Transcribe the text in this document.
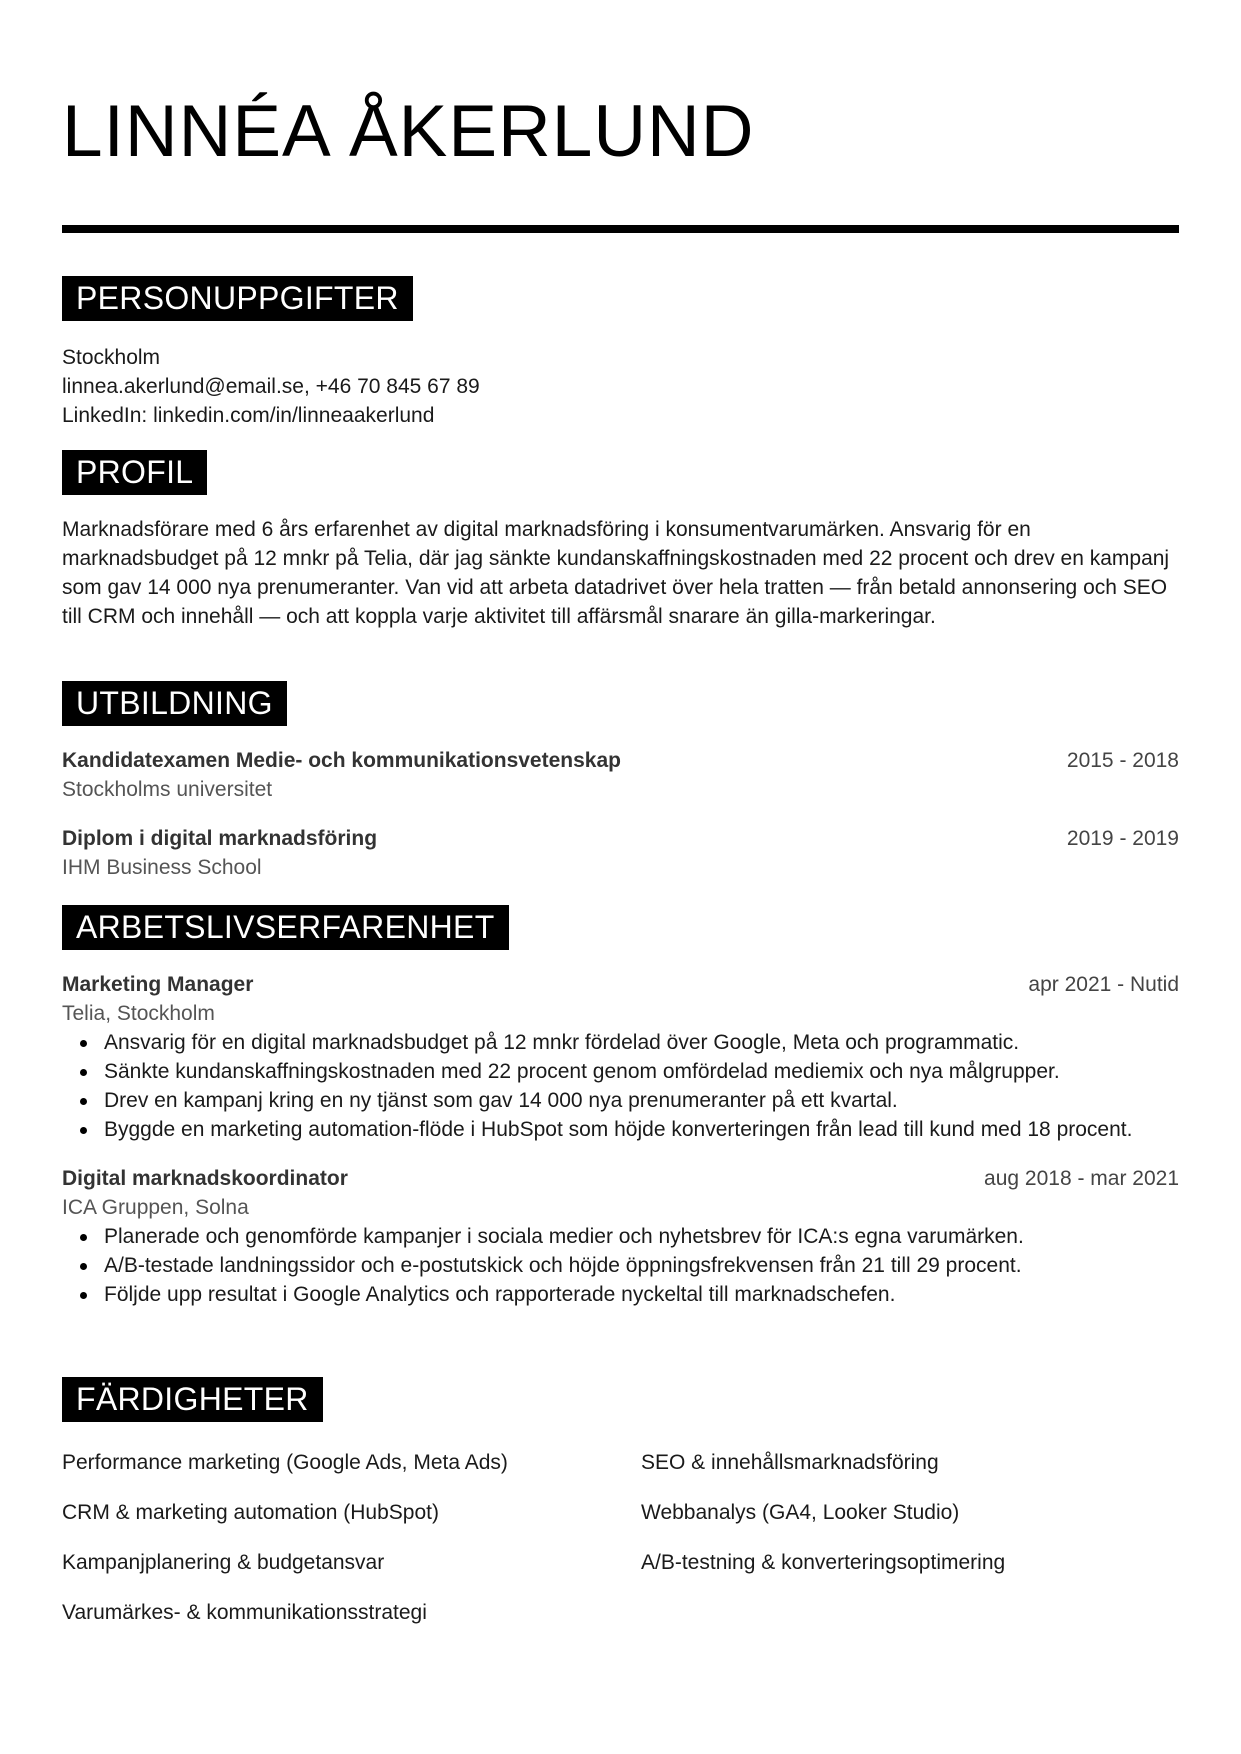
LINNÉA ÅKERLUND
PERSONUPPGIFTER

Stockholm

linnea.akerlund@email.se, +46 70 845 67 89

LinkedIn: linkedin.com/in/linneaakerlund

PROFIL

Marknadsförare med 6 års erfarenhet av digital marknadsföring i konsumentvarumärken. Ansvarig för en marknadsbudget på 12 mnkr på Telia, där jag sänkte kundanskaffningskostnaden med 22 procent och drev en kampanj som gav 14 000 nya prenumeranter. Van vid att arbeta datadrivet över hela tratten — från betald annonsering och SEO till CRM och innehåll — och att koppla varje aktivitet till affärsmål snarare än gilla-markeringar.

UTBILDNING
Kandidatexamen Medie- och kommunikationsvetenskap	2015 - 2018
Stockholms universitet
Diplom i digital marknadsföring	2019 - 2019
IHM Business School
ARBETSLIVSERFARENHET
Marketing Manager	apr 2021 - Nutid
Telia, Stockholm
Ansvarig för en digital marknadsbudget på 12 mnkr fördelad över Google, Meta och programmatic.
Sänkte kundanskaffningskostnaden med 22 procent genom omfördelad mediemix och nya målgrupper.
Drev en kampanj kring en ny tjänst som gav 14 000 nya prenumeranter på ett kvartal.
Byggde en marketing automation-flöde i HubSpot som höjde konverteringen från lead till kund med 18 procent.
Digital marknadskoordinator	aug 2018 - mar 2021
ICA Gruppen, Solna
Planerade och genomförde kampanjer i sociala medier och nyhetsbrev för ICA:s egna varumärken.
A/B-testade landningssidor och e-postutskick och höjde öppningsfrekvensen från 21 till 29 procent.
Följde upp resultat i Google Analytics och rapporterade nyckeltal till marknadschefen.
FÄRDIGHETER
Performance marketing (Google Ads, Meta Ads)	SEO & innehållsmarknadsföring
CRM & marketing automation (HubSpot)	Webbanalys (GA4, Looker Studio)
Kampanjplanering & budgetansvar	A/B-testning & konverteringsoptimering
Varumärkes- & kommunikationsstrategi
